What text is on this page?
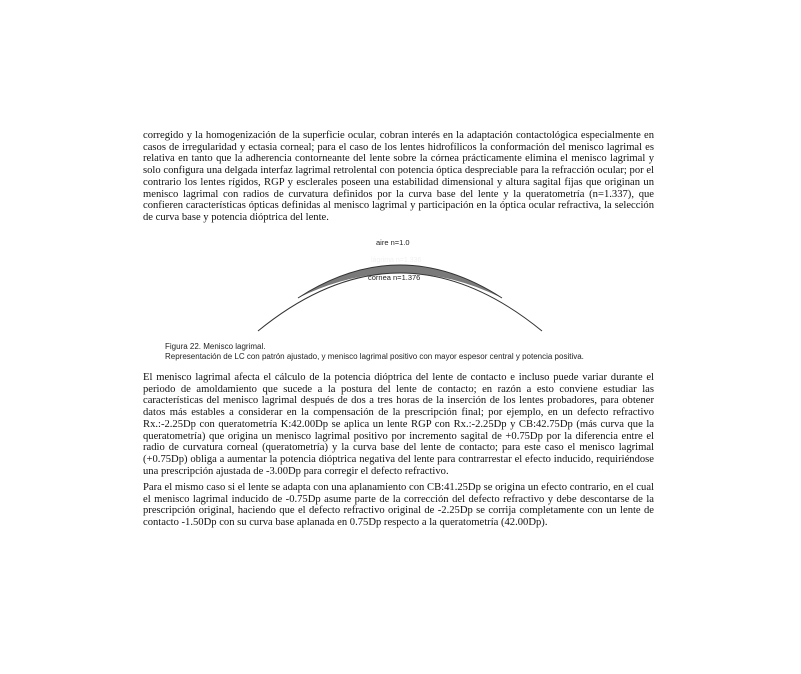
corregido y la homogenización de la superficie ocular, cobran interés en la adaptación contactológica especialmente en casos de irregularidad y ectasia corneal; para el caso de los lentes hidrofílicos la conformación del menisco lagrimal es relativa en tanto que la adherencia contorneante del lente sobre la córnea prácticamente elimina el menisco lagrimal y solo configura una delgada interfaz lagrimal retrolental con potencia óptica despreciable para la refracción ocular; por el contrario los lentes rígidos, RGP y esclerales poseen una estabilidad dimensional y altura sagital fijas que originan un menisco lagrimal con radios de curvatura definidos por la curva base del lente y la queratometría (n=1.337), que confieren características ópticas definidas al menisco lagrimal y participación en la óptica ocular refractiva, la selección de curva base y potencia dióptrica del lente.

aire n=1.0
lágrima n=1.336
cornea n=1.376

Figura 22. Menisco lagrimal.

Representación de LC con patrón ajustado, y menisco lagrimal positivo con mayor espesor central y potencia positiva.

El menisco lagrimal afecta el cálculo de la potencia dióptrica del lente de contacto e incluso puede variar durante el periodo de amoldamiento que sucede a la postura del lente de contacto; en razón a esto conviene estudiar las características del menisco lagrimal después de dos a tres horas de la inserción de los lentes probadores, para obtener datos más estables a considerar en la compensación de la prescripción final; por ejemplo, en un defecto refractivo Rx.:-2.25Dp con queratometría K:42.00Dp se aplica un lente RGP con Rx.:-2.25Dp y CB:42.75Dp (más curva que la queratometría) que origina un menisco lagrimal positivo por incremento sagital de +0.75Dp por la diferencia entre el radio de curvatura corneal (queratometría) y la curva base del lente de contacto; para este caso el menisco lagrimal (+0.75Dp) obliga a aumentar la potencia dióptrica negativa del lente para contrarrestar el efecto inducido, requiriéndose una prescripción ajustada de -3.00Dp para corregir el defecto refractivo.

Para el mismo caso si el lente se adapta con una aplanamiento con CB:41.25Dp se origina un efecto contrario, en el cual el menisco lagrimal inducido de -0.75Dp asume parte de la corrección del defecto refractivo y debe descontarse de la prescripción original, haciendo que el defecto refractivo original de -2.25Dp se corrija completamente con un lente de contacto -1.50Dp con su curva base aplanada en 0.75Dp respecto a la queratometría (42.00Dp).
